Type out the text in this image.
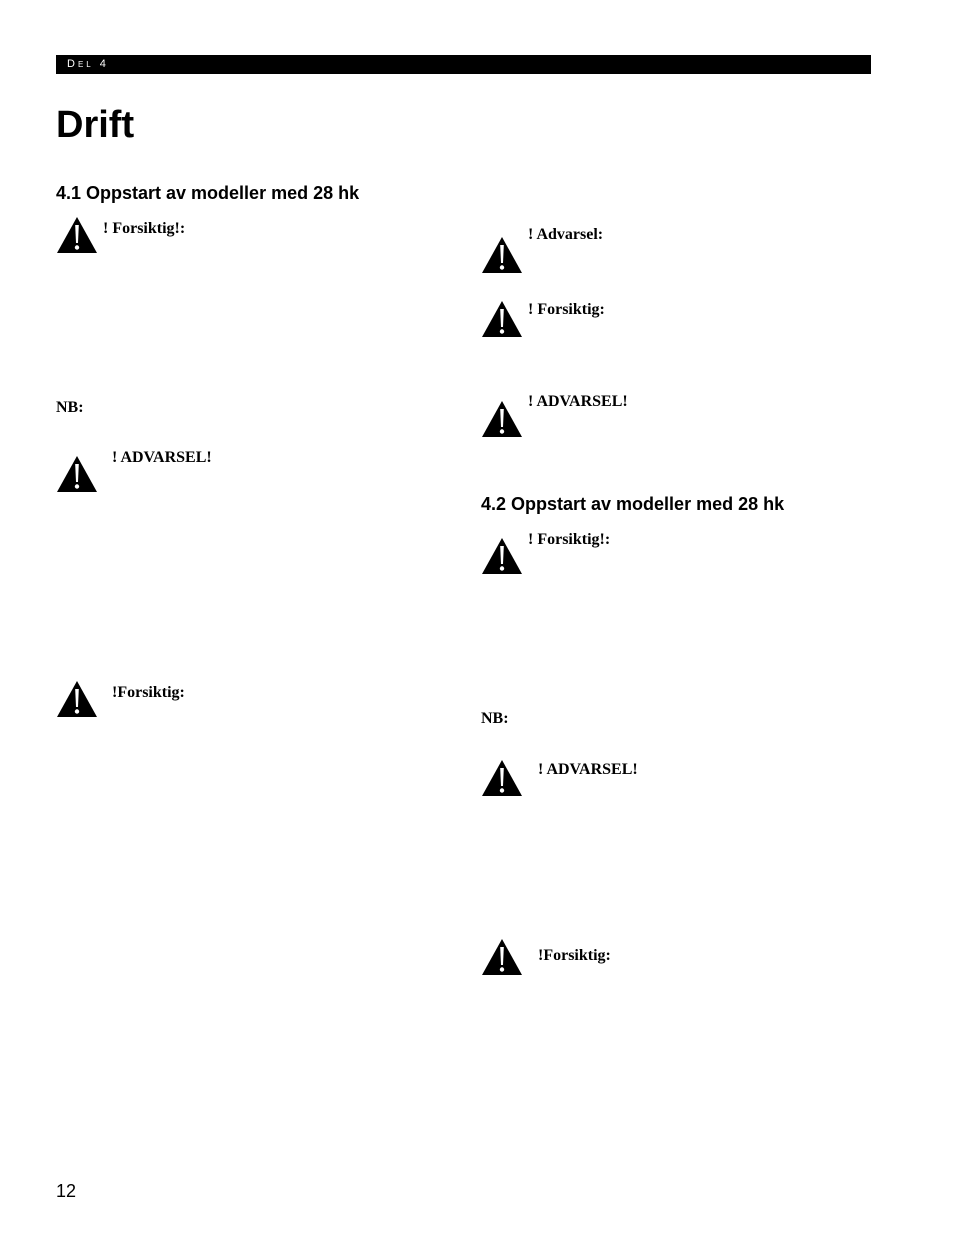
Del 4
Drift
4.1 Oppstart av modeller med 28 hk
! Forsiktig!:
NB:
! ADVARSEL!
!Forsiktig:
! Advarsel:
! Forsiktig:
! ADVARSEL!
4.2 Oppstart av modeller med 28 hk
! Forsiktig!:
NB:
! ADVARSEL!
!Forsiktig:
12
